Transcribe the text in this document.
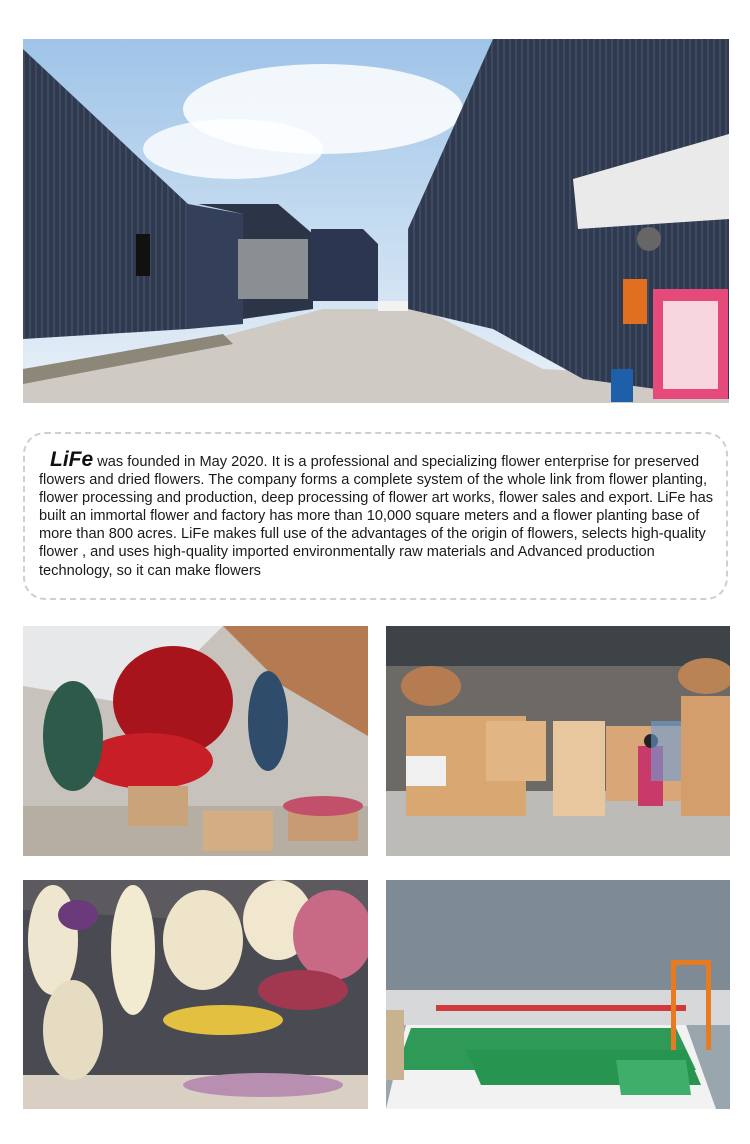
LiFe was founded in May 2020. It is a professional and specializing flower enterprise for preserved flowers and dried flowers. The company forms a complete system of the whole link from flower planting, flower processing and production, deep processing of flower art works, flower sales and export. LiFe has built an immortal flower and factory has more than 10,000 square meters and a flower planting base of more than 800 acres. LiFe makes full use of the advantages of the origin of flowers, selects high-quality flower , and uses high-quality imported environmentally raw materials and Advanced production technology, so it can make flowers
